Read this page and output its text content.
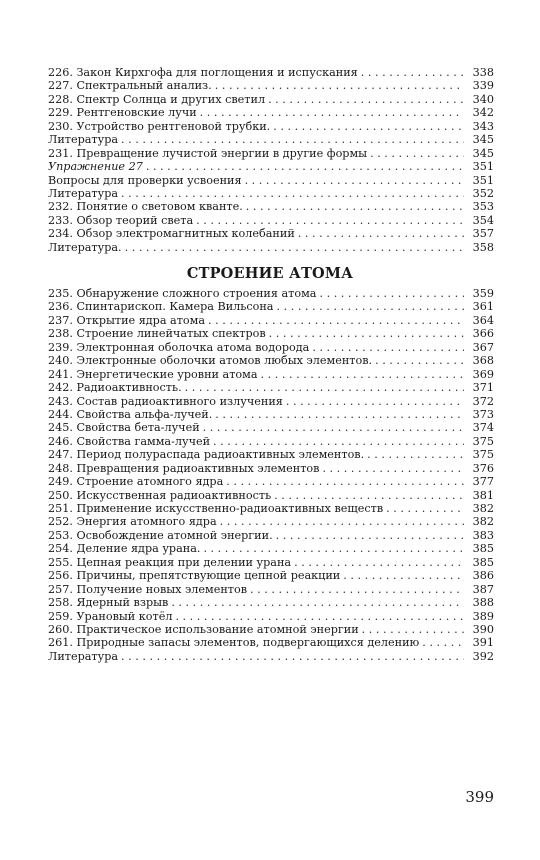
226. Закон Кирхгофа для поглощения и испускания . . .	338
227. Спектральный анализ. . . .	339
228. Спектр Солнца и других светил . . .	340
229. Рентгеновские лучи . . .	342
230. Устройство рентгеновой трубки. . . .	343
Литература . . .	345
231. Превращение лучистой энергии в другие формы . . .	345
Упражнение 27 . . .	351
Вопросы для проверки усвоения . . .	351
Литература . . .	352
232. Понятие о световом кванте. . . .	353
233. Обзор теорий света . . .	354
234. Обзор электромагнитных колебаний . . .	357
Литература. . . .	358
СТРОЕНИЕ АТОМА
235. Обнаружение сложного строения атома . . .	359
236. Спинтарископ. Камера Вильсона . . .	361
237. Открытие ядра атома . . .	364
238. Строение линейчатых спектров . . .	366
239. Электронная оболочка атома водорода . . .	367
240. Электронные оболочки атомов любых элементов. . . .	368
241. Энергетические уровни атома . . .	369
242. Радиоактивность. . . .	371
243. Состав радиоактивного излучения . . .	372
244. Свойства альфа-лучей. . . .	373
245. Свойства бета-лучей . . .	374
246. Свойства гамма-лучей . . .	375
247. Период полураспада радиоактивных элементов. . . .	375
248. Превращения радиоактивных элементов . . .	376
249. Строение атомного ядра . . .	377
250. Искусственная радиоактивность . . .	381
251. Применение искусственно-радиоактивных веществ . . .	382
252. Энергия атомного ядра . . .	382
253. Освобождение атомной энергии. . . .	383
254. Деление ядра урана. . . .	385
255. Цепная реакция при делении урана . . .	385
256. Причины, препятствующие цепной реакции . . .	386
257. Получение новых элементов . . .	387
258. Ядерный взрыв . . .	388
259. Урановый котёл . . .	389
260. Практическое использование атомной энергии . . .	390
261. Природные запасы элементов, подвергающихся делению . . .	391
Литература . . .	392
399
